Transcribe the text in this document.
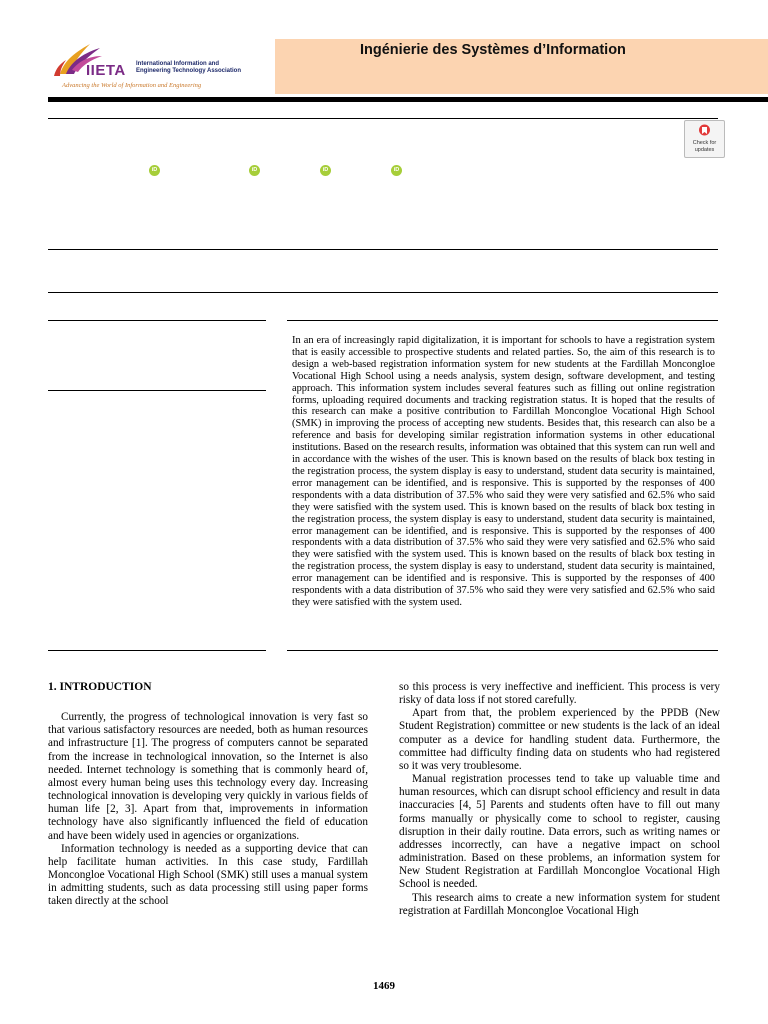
IIETA International Information and Engineering Technology Association
Advancing the World of Information and Engineering
Ingénierie des Systèmes d’Information
iD	iD	iD	iD
Check for updates
In an era of increasingly rapid digitalization, it is important for schools to have a registration system that is easily accessible to prospective students and related parties. So, the aim of this research is to design a web-based registration information system for new students at the Fardillah Moncongloe Vocational High School using a needs analysis, system design, software development, and testing approach. This information system includes several features such as filling out online registration forms, uploading required documents and tracking registration status. It is hoped that the results of this research can make a positive contribution to Fardillah Moncongloe Vocational High School (SMK) in improving the process of accepting new students. Besides that, this research can also be a reference and basis for developing similar registration information systems in other educational institutions. Based on the research results, information was obtained that this system can run well and in accordance with the wishes of the user. This is known based on the results of black box testing in the registration process, the system display is easy to understand, student data security is maintained, error management can be identified, and is responsive. This is supported by the responses of 400 respondents with a data distribution of 37.5% who said they were very satisfied and 62.5% who said they were satisfied with the system used. This is known based on the results of black box testing in the registration process, the system display is easy to understand, student data security is maintained, error management can be identified, and is responsive. This is supported by the responses of 400 respondents with a data distribution of 37.5% who said they were very satisfied and 62.5% who said they were satisfied with the system used. This is known based on the results of black box testing in the registration process, the system display is easy to understand, student data security is maintained, error management can be identified and is responsive. This is supported by the responses of 400 respondents with a data distribution of 37.5% who said they were very satisfied and 62.5% who said they were satisfied with the system used.

1. INTRODUCTION

Currently, the progress of technological innovation is very fast so that various satisfactory resources are needed, both as human resources and infrastructure [1]. The progress of computers cannot be separated from the increase in technological innovation, so the Internet is also needed. Internet technology is something that is commonly heard of, almost every human being uses this technology every day. Increasing technological innovation is developing very quickly in various fields of human life [2, 3]. Apart from that, improvements in information technology have also significantly influenced the field of education and have been widely used in agencies or organizations.

Information technology is needed as a supporting device that can help facilitate human activities. In this case study, Fardillah Moncongloe Vocational High School (SMK) still uses a manual system in admitting students, such as data processing still using paper forms taken directly at the school

so this process is very ineffective and inefficient. This process is very risky of data loss if not stored carefully.

Apart from that, the problem experienced by the PPDB (New Student Registration) committee or new students is the lack of an ideal computer as a device for handling student data. Furthermore, the committee had difficulty finding data on students who had registered so it was very troublesome.

Manual registration processes tend to take up valuable time and human resources, which can disrupt school efficiency and result in data inaccuracies [4, 5] Parents and students often have to fill out many forms manually or physically come to school to register, causing disruption in their daily routine. Data errors, such as writing names or addresses incorrectly, can have a negative impact on school administration. Based on these problems, an information system for New Student Registration at Fardillah Moncongloe Vocational High School is needed.

This research aims to create a new information system for student registration at Fardillah Moncongloe Vocational High

1469
